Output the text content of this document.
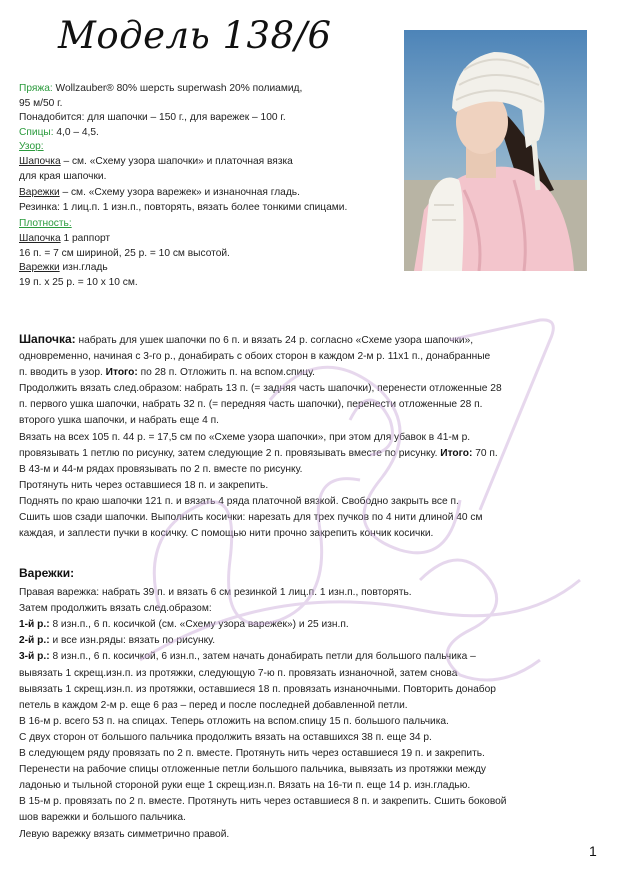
Модель 138/6
Пряжа: Wollzauber® 80% шерсть superwash 20% полиамид,
95 м/50 г.
Понадобится: для шапочки – 150 г., для варежек – 100 г.
Спицы: 4,0 – 4,5.
Узор:
Шапочка – см. «Схему узора шапочки» и платочная вязка
для края шапочки.
Варежки – см. «Схему узора варежек» и изнаночная гладь.
Резинка: 1 лиц.п. 1 изн.п., повторять, вязать более тонкими спицами.
Плотность:
Шапочка 1 раппорт
16 п. = 7 см шириной, 25 р. = 10 см высотой.
Варежки изн.гладь
19 п. х 25 р. = 10 х 10 см.
Шапочка: набрать для ушек шапочки по 6 п. и вязать 24 р. согласно «Схеме узора шапочки»,
одновременно, начиная с 3-го р., донабирать с обоих сторон в каждом 2-м р. 11х1 п., донабранные
п. вводить в узор. Итого: по 28 п. Отложить п. на вспом.спицу.
Продолжить вязать след.образом: набрать 13 п. (= задняя часть шапочки), перенести отложенные 28
п. первого ушка шапочки, набрать 32 п. (= передняя часть шапочки), перенести отложенные 28 п.
второго ушка шапочки, и набрать еще 4 п.
Вязать на всех 105 п. 44 р. = 17,5 см по «Схеме узора шапочки», при этом для убавок в 41-м р.
провязывать 1 петлю по рисунку, затем следующие 2 п. провязывать вместе по рисунку. Итого: 70 п.
В 43-м и 44-м рядах провязывать по 2 п. вместе по рисунку.
Протянуть нить через оставшиеся 18 п. и закрепить.
Поднять по краю шапочки 121 п. и вязать 4 ряда платочной вязкой. Свободно закрыть все п.
Сшить шов сзади шапочки. Выполнить косички: нарезать для трех пучков по 4 нити длиной 40 см
каждая, и заплести пучки в косичку. С помощью нити прочно закрепить кончик косички.
Варежки:
Правая варежка: набрать 39 п. и вязать 6 см резинкой 1 лиц.п. 1 изн.п., повторять.
Затем продолжить вязать след.образом:
1-й р.: 8 изн.п., 6 п. косичкой (см. «Схему узора варежек») и 25 изн.п.
2-й р.: и все изн.ряды: вязать по рисунку.
3-й р.: 8 изн.п., 6 п. косичкой, 6 изн.п., затем начать донабирать петли для большого пальчика –
вывязать 1 скрещ.изн.п. из протяжки, следующую 7-ю п. провязать изнаночной, затем снова
вывязать 1 скрещ.изн.п. из протяжки, оставшиеся 18 п. провязать изнаночными. Повторить донабор
петель в каждом 2-м р. еще 6 раз – перед и после последней добавленной петли.
В 16-м р. всего 53 п. на спицах. Теперь отложить на вспом.спицу 15 п. большого пальчика.
С двух сторон от большого пальчика продолжить вязать на оставшихся 38 п. еще 34 р.
В следующем ряду провязать по 2 п. вместе. Протянуть нить через оставшиеся 19 п. и закрепить.
Перенести на рабочие спицы отложенные петли большого пальчика, вывязать из протяжки между
ладонью и тыльной стороной руки еще 1 скрещ.изн.п. Вязать на 16-ти п. еще 14 р. изн.гладью.
В 15-м р. провязать по 2 п. вместе. Протянуть нить через оставшиеся 8 п. и закрепить. Сшить боковой
шов варежки и большого пальчика.
Левую варежку вязать симметрично правой.
1
